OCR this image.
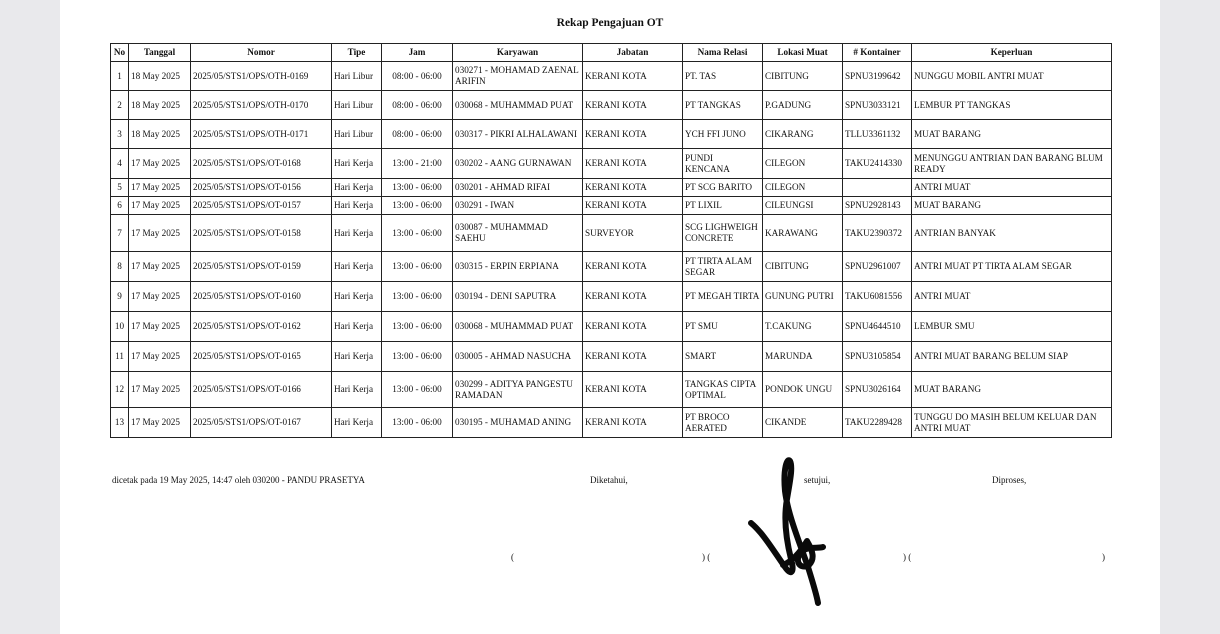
Rekap Pengajuan OT
No	Tanggal	Nomor	Tipe	Jam	Karyawan	Jabatan	Nama Relasi	Lokasi Muat	# Kontainer	Keperluan
1	18 May 2025	2025/05/STS1/OPS/OTH-0169	Hari Libur	08:00 - 06:00	030271 - MOHAMAD ZAENAL ARIFIN	KERANI KOTA	PT. TAS	CIBITUNG	SPNU3199642	NUNGGU MOBIL ANTRI MUAT
2	18 May 2025	2025/05/STS1/OPS/OTH-0170	Hari Libur	08:00 - 06:00	030068 - MUHAMMAD PUAT	KERANI KOTA	PT TANGKAS	P.GADUNG	SPNU3033121	LEMBUR PT TANGKAS
3	18 May 2025	2025/05/STS1/OPS/OTH-0171	Hari Libur	08:00 - 06:00	030317 - PIKRI ALHALAWANI	KERANI KOTA	YCH FFI JUNO	CIKARANG	TLLU3361132	MUAT BARANG
4	17 May 2025	2025/05/STS1/OPS/OT-0168	Hari Kerja	13:00 - 21:00	030202 - AANG GURNAWAN	KERANI KOTA	PUNDI KENCANA	CILEGON	TAKU2414330	MENUNGGU ANTRIAN DAN BARANG BLUM READY
5	17 May 2025	2025/05/STS1/OPS/OT-0156	Hari Kerja	13:00 - 06:00	030201 - AHMAD RIFAI	KERANI KOTA	PT SCG BARITO	CILEGON		ANTRI MUAT
6	17 May 2025	2025/05/STS1/OPS/OT-0157	Hari Kerja	13:00 - 06:00	030291 - IWAN	KERANI KOTA	PT LIXIL	CILEUNGSI	SPNU2928143	MUAT BARANG
7	17 May 2025	2025/05/STS1/OPS/OT-0158	Hari Kerja	13:00 - 06:00	030087 - MUHAMMAD SAEHU	SURVEYOR	SCG LIGHWEIGH CONCRETE	KARAWANG	TAKU2390372	ANTRIAN BANYAK
8	17 May 2025	2025/05/STS1/OPS/OT-0159	Hari Kerja	13:00 - 06:00	030315 - ERPIN ERPIANA	KERANI KOTA	PT TIRTA ALAM SEGAR	CIBITUNG	SPNU2961007	ANTRI MUAT PT TIRTA ALAM SEGAR
9	17 May 2025	2025/05/STS1/OPS/OT-0160	Hari Kerja	13:00 - 06:00	030194 - DENI SAPUTRA	KERANI KOTA	PT MEGAH TIRTA	GUNUNG PUTRI	TAKU6081556	ANTRI MUAT
10	17 May 2025	2025/05/STS1/OPS/OT-0162	Hari Kerja	13:00 - 06:00	030068 - MUHAMMAD PUAT	KERANI KOTA	PT SMU	T.CAKUNG	SPNU4644510	LEMBUR SMU
11	17 May 2025	2025/05/STS1/OPS/OT-0165	Hari Kerja	13:00 - 06:00	030005 - AHMAD NASUCHA	KERANI KOTA	SMART	MARUNDA	SPNU3105854	ANTRI MUAT BARANG BELUM SIAP
12	17 May 2025	2025/05/STS1/OPS/OT-0166	Hari Kerja	13:00 - 06:00	030299 - ADITYA PANGESTU RAMADAN	KERANI KOTA	TANGKAS CIPTA OPTIMAL	PONDOK UNGU	SPNU3026164	MUAT BARANG
13	17 May 2025	2025/05/STS1/OPS/OT-0167	Hari Kerja	13:00 - 06:00	030195 - MUHAMAD ANING	KERANI KOTA	PT BROCO AERATED	CIKANDE	TAKU2289428	TUNGGU DO MASIH BELUM KELUAR DAN ANTRI MUAT
dicetak pada 19 May 2025, 14:47 oleh 030200 - PANDU PRASETYA	Diketahui,	setujui,	Diproses,
(	) (	) (	)
